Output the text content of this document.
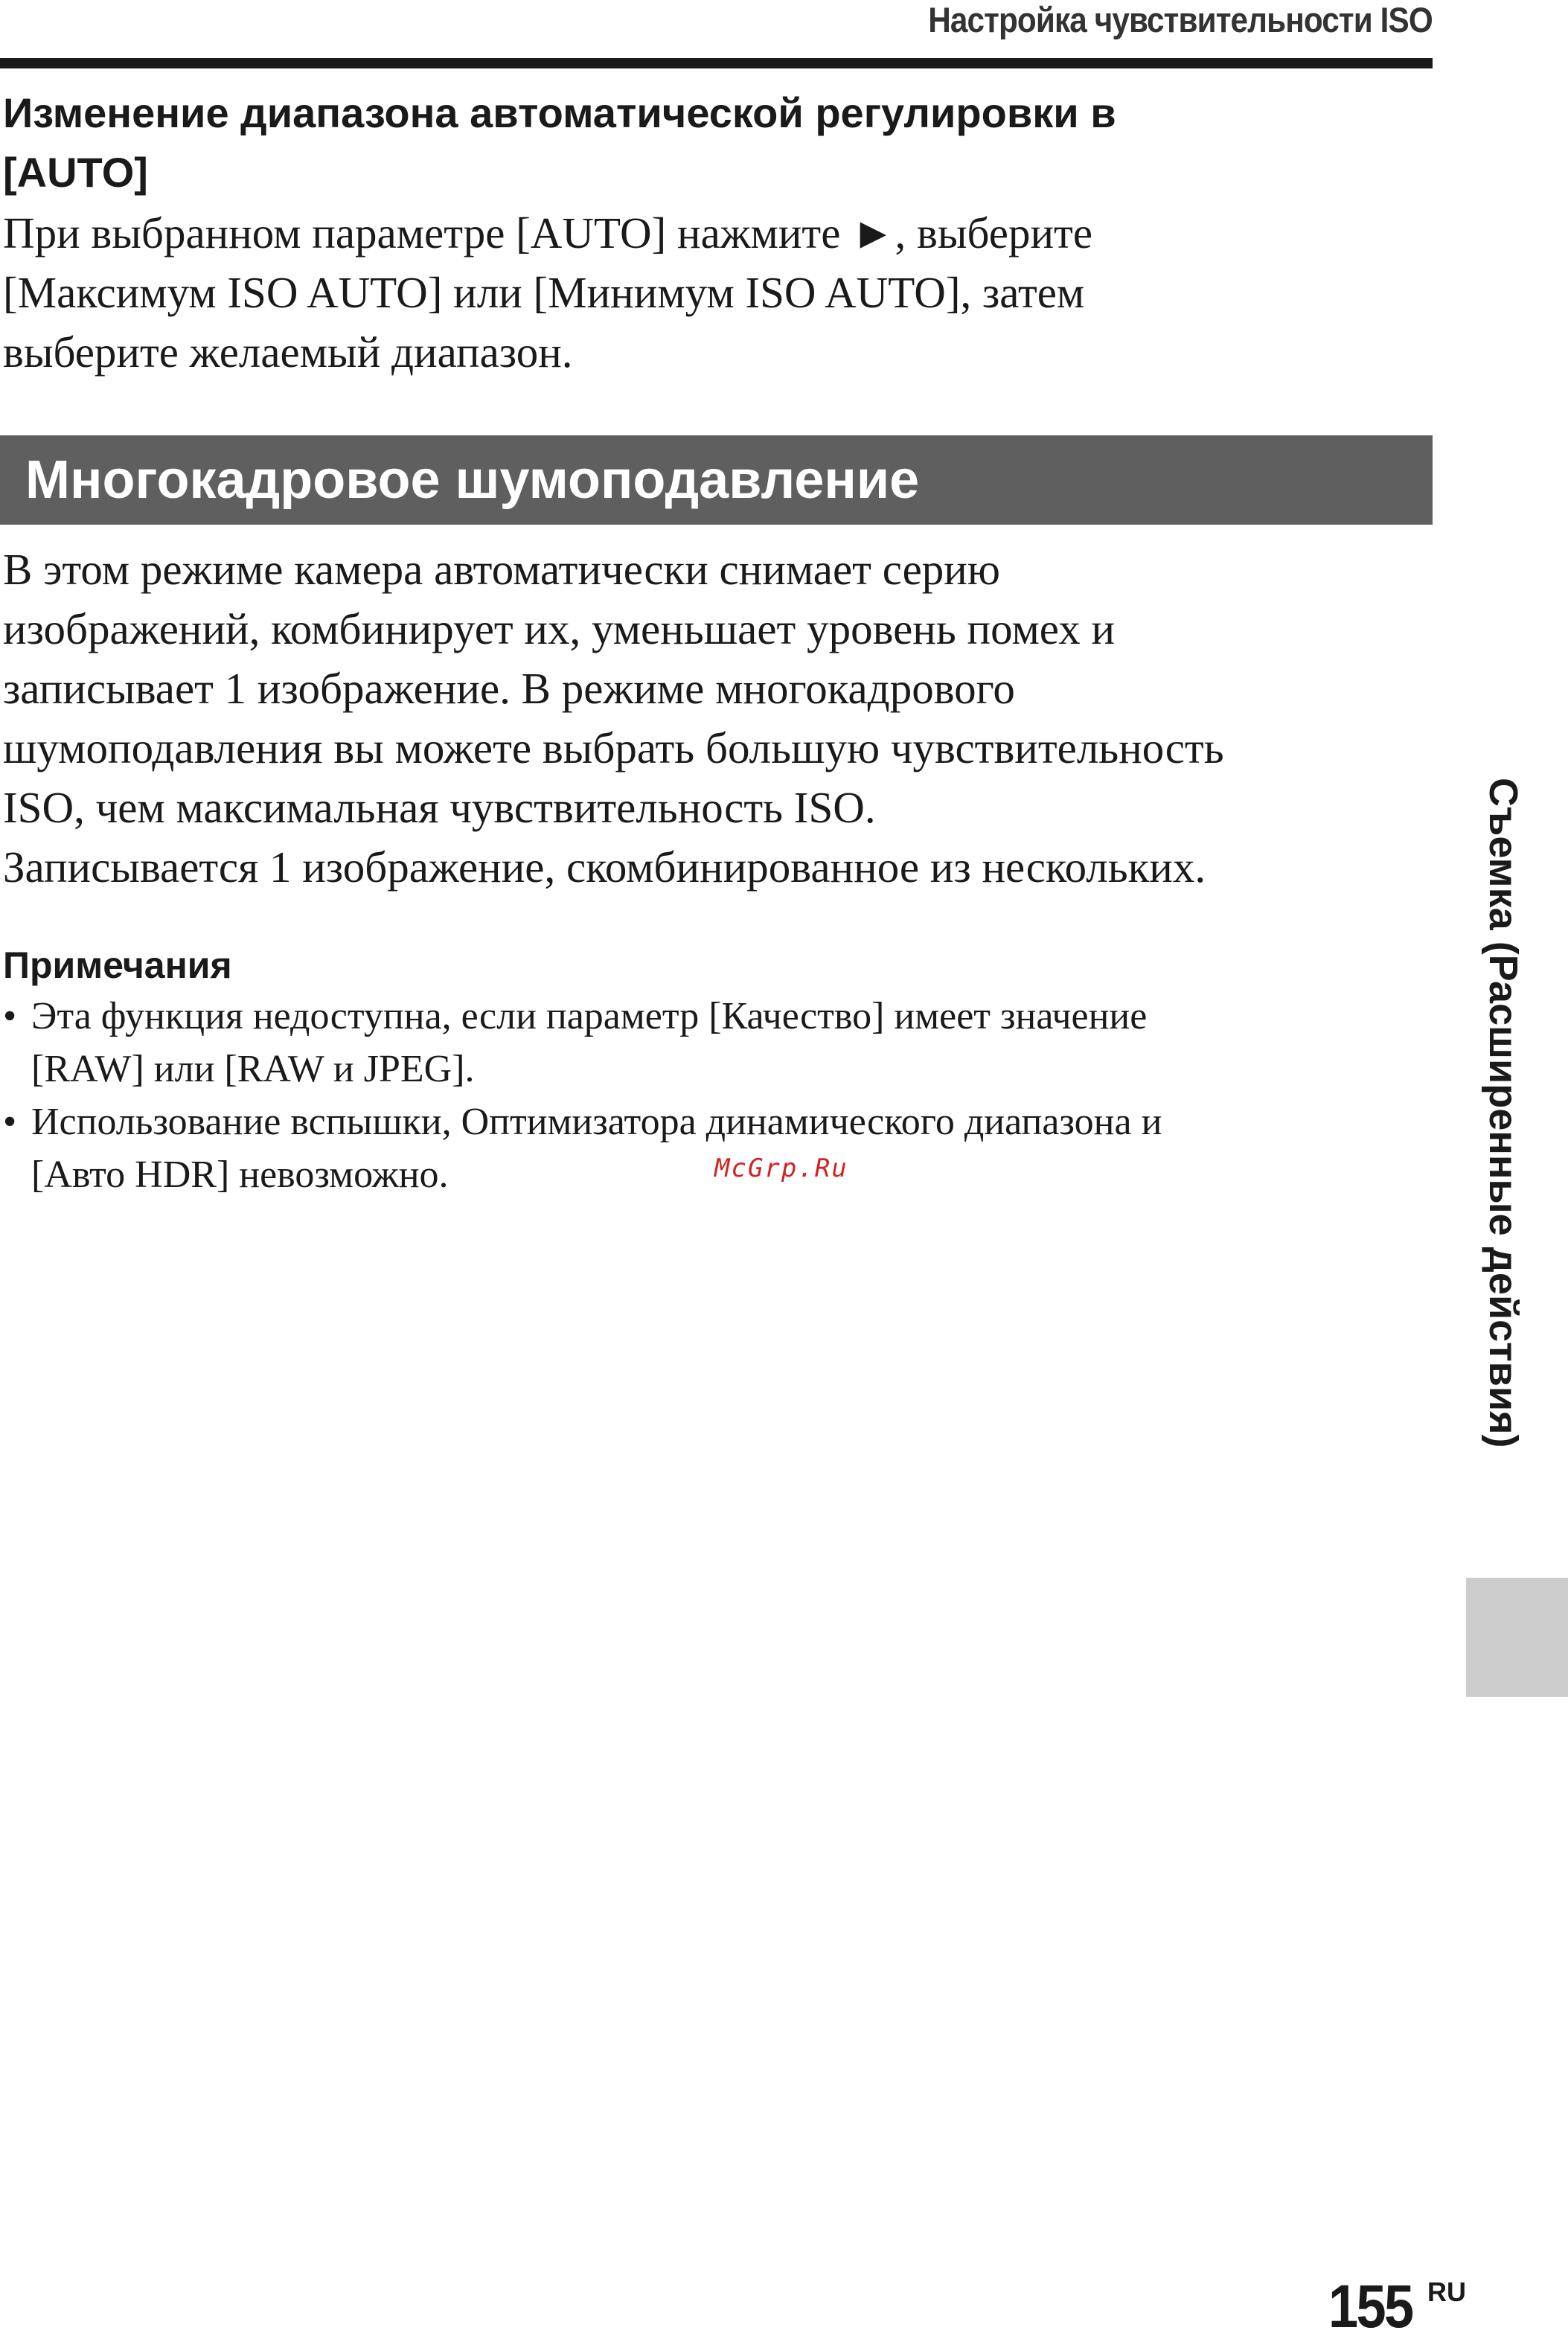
Настройка чувствительности ISO
Изменение диапазона автоматической регулировки в
[AUTO]

При выбранном параметре [AUTO] нажмите ►, выберите

[Максимум ISO AUTO] или [Минимум ISO AUTO], затем

выберите желаемый диапазон.

Многокадровое шумоподавление

В этом режиме камера автоматически снимает серию

изображений, комбинирует их, уменьшает уровень помех и

записывает 1 изображение. В режиме многокадрового

шумоподавления вы можете выбрать большую чувствительность

ISO, чем максимальная чувствительность ISO.

Записывается 1 изображение, скомбинированное из нескольких.

Примечания
• Эта функция недоступна, если параметр [Качество] имеет значение
[RAW] или [RAW и JPEG].
• Использование вспышки, Оптимизатора динамического диапазона и
[Авто HDR] невозможно.	McGrp.Ru	Съемка (Расширенные действия)
155 RU
